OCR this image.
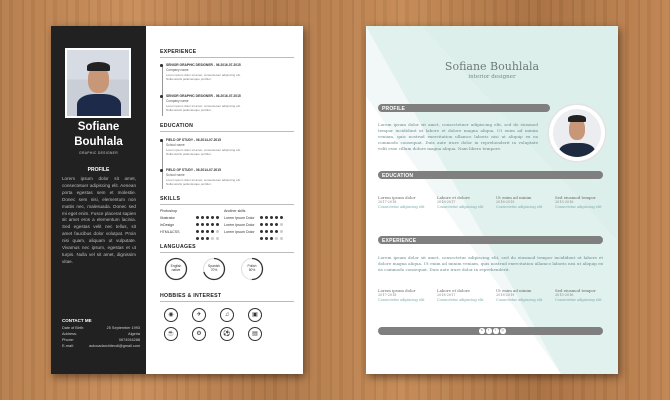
Sofiane
Bouhlala
GRAPHIC DESIGNER
PROFILE
Lorem ipsum dolor sit amet, consectetuer adipiscing elit. Aenean porta egestas sem et molestie. Donec sem nisi, elementum non mattis nec, malesuada. Donec sed mi eget enim. Fusce placerat sapien sit amet eros a elementum lacinia. Sed egestas velit nec tellus, sit amet faucibus dolor volutpat. Proin nisi quam, aliquam ut vulputate. Vivamus nec ipsum, egestas et ut turpis. Nulla vel sit amet, dignissim vitae.
CONTACT ME
Date of Birth:	25 September 1993
Address:	Algeria
Phone:	0674916288
E-mail:	autocadarchitecdi@gmail.com
EXPERIENCE
SENIOR GRAPHIC DESIGNER - 06.2016-07.2015
Company name
Lorem ipsum dolor sit amet, consectetuer adipiscing elit.
Nulla iaculis pellentesque porttitor.
SENIOR GRAPHIC DESIGNER - 06.2016-07.2015
Company name
Lorem ipsum dolor sit amet, consectetuer adipiscing elit.
Nulla iaculis pellentesque porttitor.
EDUCATION
FIELD OF STUDY - 06.2014-07.2015
School name
Lorem ipsum dolor sit amet, consectetuer adipiscing elit.
Nulla iaculis pellentesque porttitor.
FIELD OF STUDY - 06.2014-07.2015
School name
Lorem ipsum dolor sit amet, consectetuer adipiscing elit.
Nulla iaculis pellentesque porttitor.
SKILLS
Photoshop	Another skills
Illustrator	Lorem Ipsum Dolor
InDesign	Lorem Ipsum Dolor
HTML&CSS	Lorem Ipsum Dolor
LANGUAGES
English
native
Spanish
70%
Polish
50%
HOBBIES & INTEREST
◉	✈	♫	▣
☕	⚙	⚽	▤
Sofiane Bouhlala
interior designer
PROFILE
Lorem ipsum dolor sit amet, consectetuer adipiscing elit, sed do eiusmod tempor incididunt ut labore et dolore magna aliqua. Ut enim ad minim veniam, quis nostrud exercitation ullamco laboris nisi ut aliquip ex ea commodo consequat. Duis aute irure dolor in reprehenderit in voluptate velit esse cillum dolore magna aliqua. Nam libero tempore.
EDUCATION
Lorem ipsum dolor
2017-2018
Consectetur adipiscing elit
Labore et dolore
2016-2017
Consectetur adipiscing elit
Ut enim ad minim
2018-2019
Consectetur adipiscing elit
Sed eiusmod tempor
2015-2016
Consectetur adipiscing elit
EXPERIENCE
Lorem ipsum dolor sit amet, consectetur adipiscing elit, sed do eiusmod tempor incididunt ut labore et dolore magna aliqua. Ut enim ad minim veniam, quis nostrud exercitation ullamco laboris nisi ut aliquip ex ea commodo consequat. Duis aute irure dolor in reprehenderit.
Lorem ipsum dolor
2017-2018
Consectetur adipiscing elit
Labore et dolore
2016-2017
Consectetur adipiscing elit
Ut enim ad minim
2018-2019
Consectetur adipiscing elit
Sed eiusmod tempor
2015-2016
Consectetur adipiscing elit
s t f ◎
